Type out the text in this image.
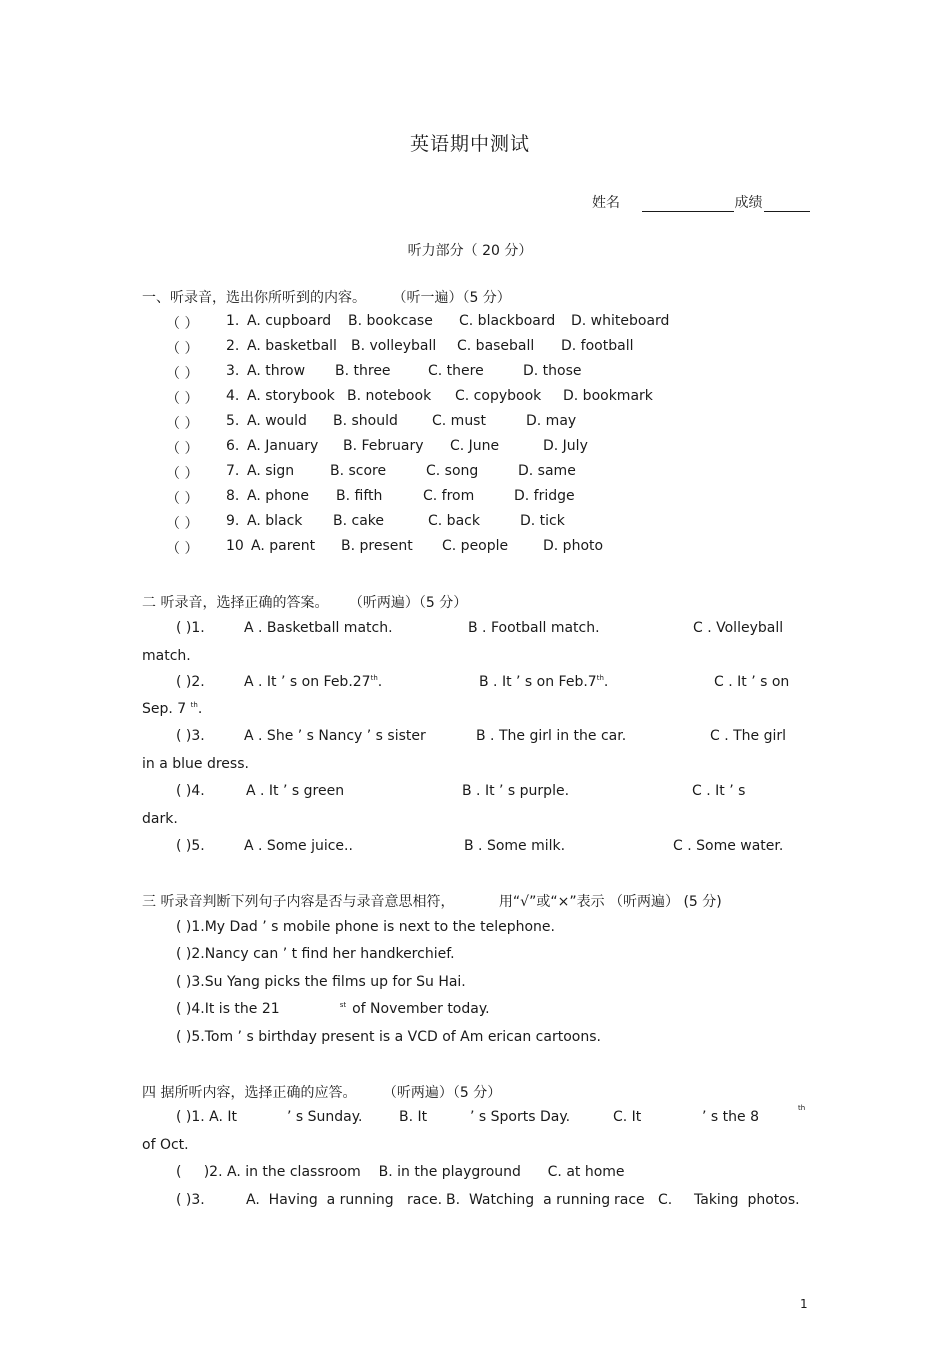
英语期中测试
姓名	成绩
听力部分（ 20 分）
一、听录音，选出你所听到的内容。 （听一遍）（5 分）
（ ） 1. A. cupboard B. bookcase C. blackboard D. whiteboard
（ ） 2. A. basketball B. volleyball C. baseball D. football
（ ） 3. A. throw B. three	C. there	D. those
（ ） 4. A. storybook B. notebook C. copybook D. bookmark
（ ） 5. A. would B. should C. must	D. may
（ ） 6. A. January B. February C. June	D. July
（ ） 7. A. sign	B. score	C. song	D. same
（ ） 8. A. phone B. fifth	C. from	D. fridge
（ ） 9. A. black B. cake	C. back	D. tick
（ ） 10 A. parent B. present C. people D. photo
二 听录音，选择正确的答案。 （听两遍）（5 分）
( )1.	A . Basketball match.	B . Football match.	C . Volleyball
match.
( )2.	A . It ’ s on Feb.27th.	B . It ’ s on Feb.7th.	C . It ’ s on
Sep. 7 $^{th}$.
( )3.	A . She ’ s Nancy ’ s sister	B . The girl in the car.	C . The girl
in a blue dress.
( )4.	A . It ’ s green	B . It ’ s purple.	C . It ’ s
dark.
( )5.	A . Some juice..	B . Some milk.	C . Some water.
三 听录音判断下列句子内容是否与录音意思相符，	用“√”或“×”表示 （听两遍） (5 分)
( )1.My Dad ’ s mobile phone is next to the telephone.
( )2.Nancy can ’ t find her handkerchief.
( )3.Su Yang picks the films up for Su Hai.
( )4.It is the 21	$^{st}$ of November today.
( )5.Tom ’ s birthday present is a VCD of Am erican cartoons.
四 据所听内容，选择正确的应答。 （听两遍）（5 分）
( )1. A. It	’ s Sunday.	B. It	’ s Sports Day.	C. It	’ s the 8
th
of Oct.
(     )2. A. in the classroom    B. in the playground      C. at home
( )3.	A.  Having  a running   race. B.  Watching  a running race   C. Taking  photos.
1
